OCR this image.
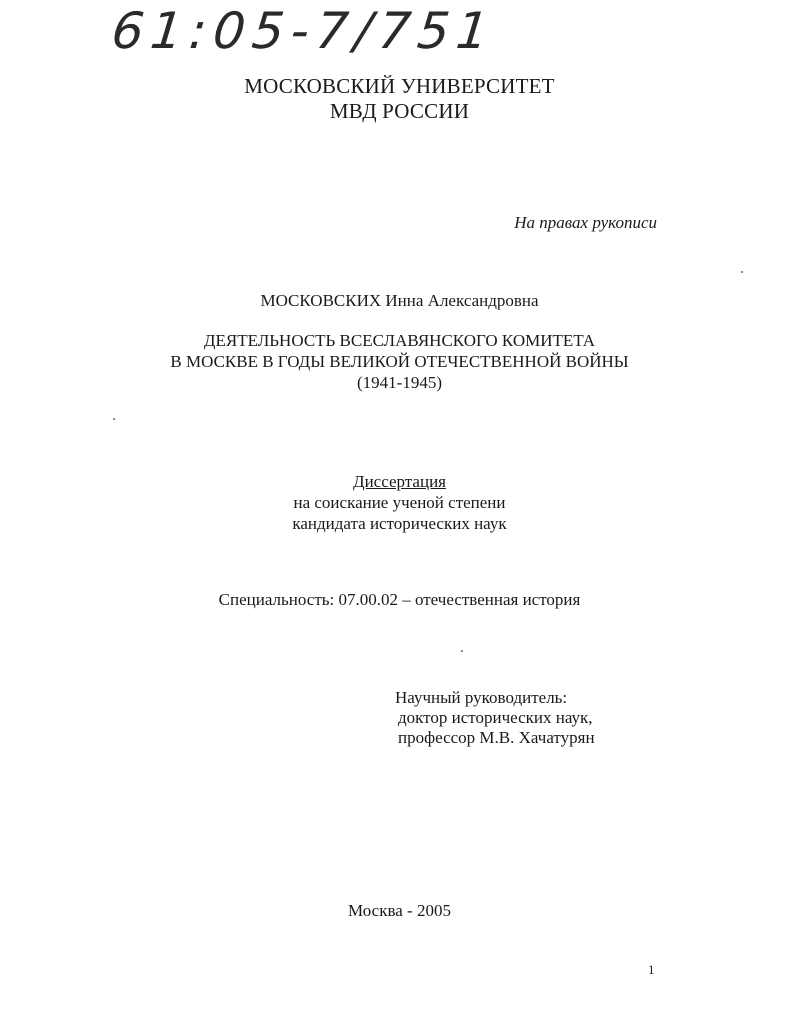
61:05-7/751
МОСКОВСКИЙ УНИВЕРСИТЕТ
МВД РОССИИ
На правах рукописи
МОСКОВСКИХ Инна Александровна
ДЕЯТЕЛЬНОСТЬ ВСЕСЛАВЯНСКОГО КОМИТЕТА
В МОСКВЕ В ГОДЫ ВЕЛИКОЙ ОТЕЧЕСТВЕННОЙ ВОЙНЫ
(1941-1945)
Диссертация
на соискание ученой степени
кандидата исторических наук
Специальность: 07.00.02 – отечественная история
Научный руководитель:
доктор исторических наук,
профессор М.В. Хачатурян
Москва - 2005
1
